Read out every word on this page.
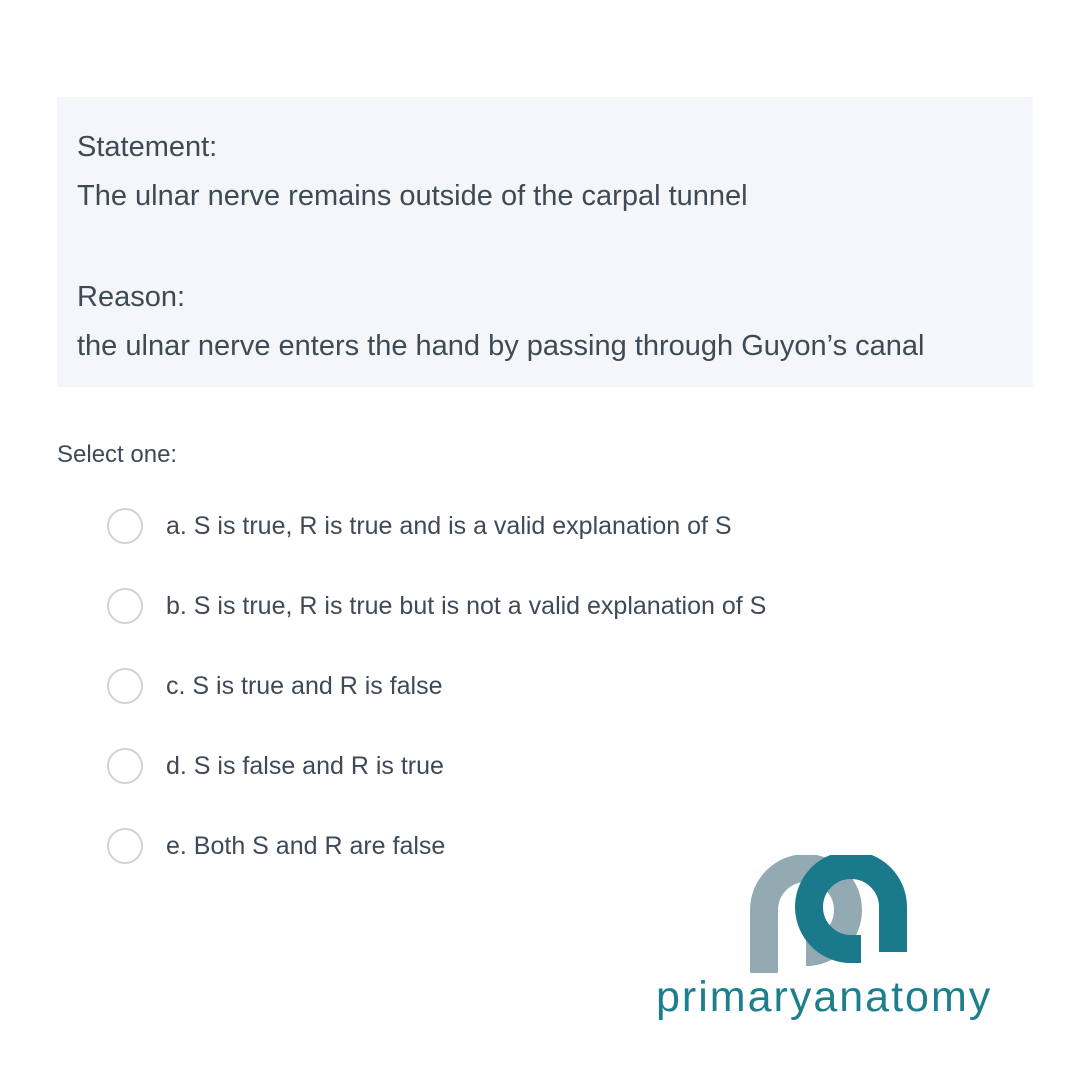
Statement:

The ulnar nerve remains outside of the carpal tunnel

Reason:

the ulnar nerve enters the hand by passing through Guyon’s canal

Select one:
a. S is true, R is true and is a valid explanation of S
b. S is true, R is true but is not a valid explanation of S
c. S is true and R is false
d. S is false and R is true
e. Both S and R are false
primaryanatomy
